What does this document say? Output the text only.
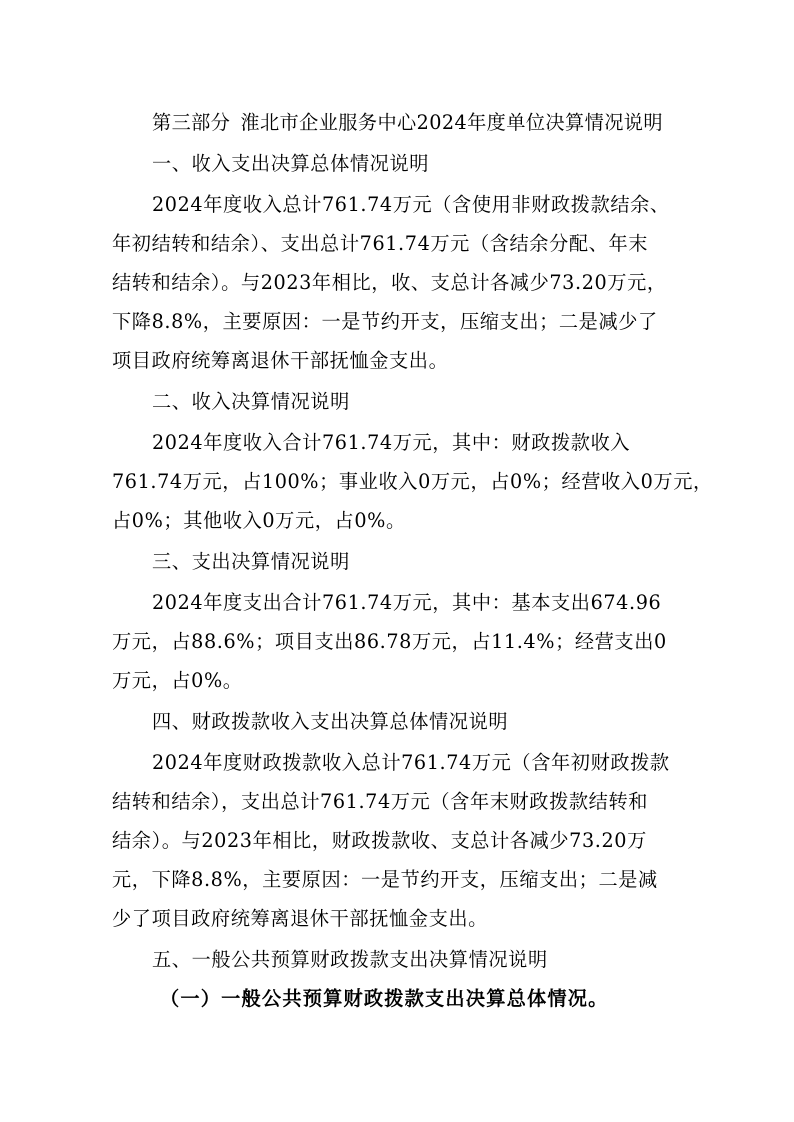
第三部分 淮北市企业服务中心2024年度单位决算情况说明

一、收入支出决算总体情况说明

2024年度收入总计761.74万元（含使用非财政拨款结余、

年初结转和结余）、支出总计761.74万元（含结余分配、年末

结转和结余）。与2023年相比，收、支总计各减少73.20万元，

下降8.8%，主要原因：一是节约开支，压缩支出；二是减少了

项目政府统筹离退休干部抚恤金支出。

二、收入决算情况说明

2024年度收入合计761.74万元，其中：财政拨款收入

761.74万元，占100%；事业收入0万元，占0%；经营收入0万元，

占0%；其他收入0万元，占0%。

三、支出决算情况说明

2024年度支出合计761.74万元，其中：基本支出674.96

万元，占88.6%；项目支出86.78万元，占11.4%；经营支出0

万元，占0%。

四、财政拨款收入支出决算总体情况说明

2024年度财政拨款收入总计761.74万元（含年初财政拨款

结转和结余），支出总计761.74万元（含年末财政拨款结转和

结余）。与2023年相比，财政拨款收、支总计各减少73.20万

元，下降8.8%，主要原因：一是节约开支，压缩支出；二是减

少了项目政府统筹离退休干部抚恤金支出。

五、一般公共预算财政拨款支出决算情况说明

（一）一般公共预算财政拨款支出决算总体情况。
